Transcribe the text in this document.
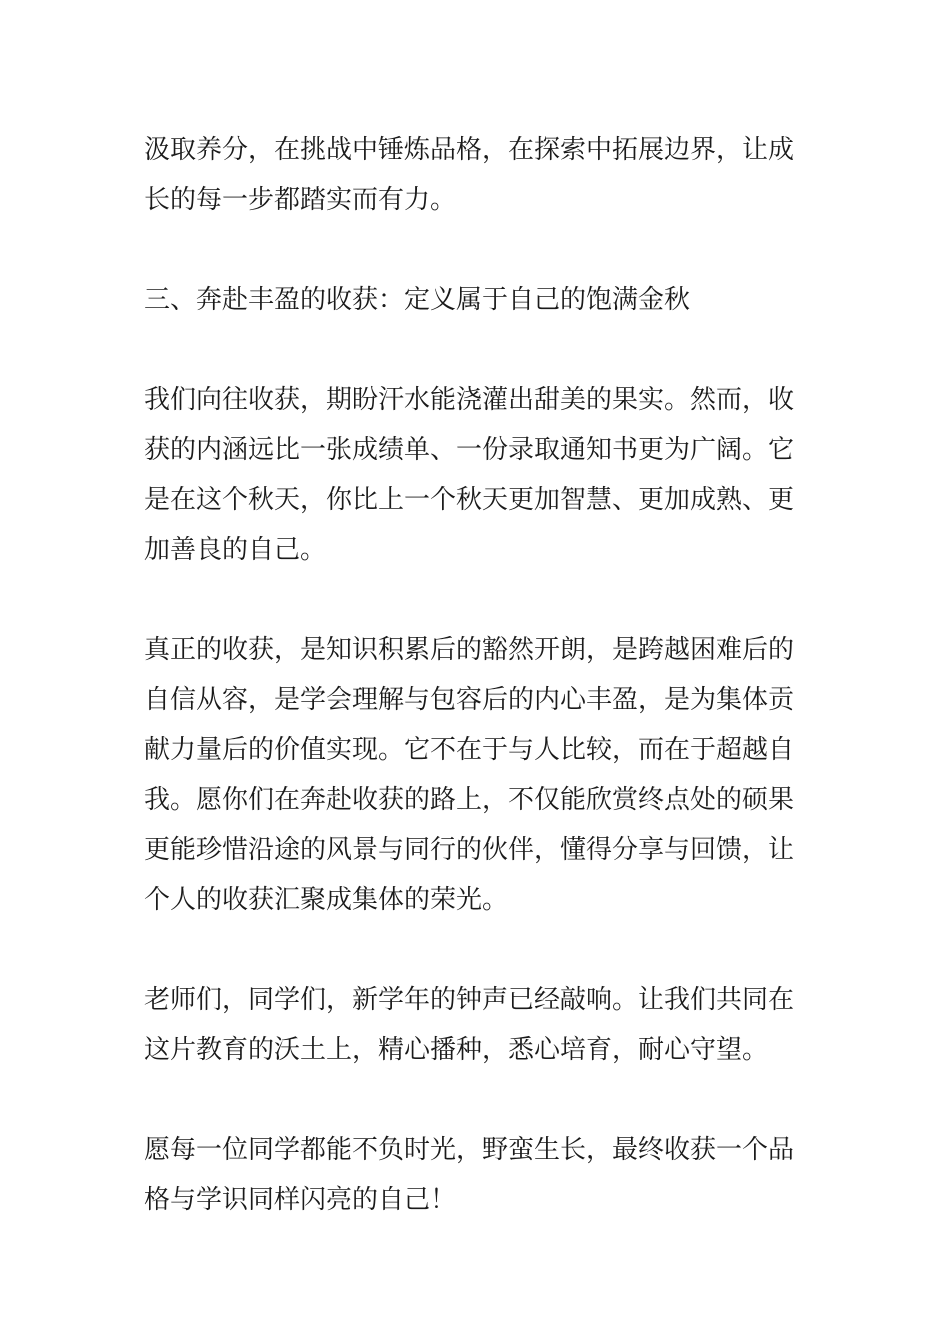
汲取养分，在挑战中锤炼品格，在探索中拓展边界，让成
长的每一步都踏实而有力。
三、奔赴丰盈的收获：定义属于自己的饱满金秋
我们向往收获，期盼汗水能浇灌出甜美的果实。然而，收
获的内涵远比一张成绩单、一份录取通知书更为广阔。它
是在这个秋天，你比上一个秋天更加智慧、更加成熟、更
加善良的自己。
真正的收获，是知识积累后的豁然开朗，是跨越困难后的
自信从容，是学会理解与包容后的内心丰盈，是为集体贡
献力量后的价值实现。它不在于与人比较，而在于超越自
我。愿你们在奔赴收获的路上，不仅能欣赏终点处的硕果
更能珍惜沿途的风景与同行的伙伴，懂得分享与回馈，让
个人的收获汇聚成集体的荣光。
老师们，同学们，新学年的钟声已经敲响。让我们共同在
这片教育的沃土上，精心播种，悉心培育，耐心守望。
愿每一位同学都能不负时光，野蛮生长，最终收获一个品
格与学识同样闪亮的自己！
